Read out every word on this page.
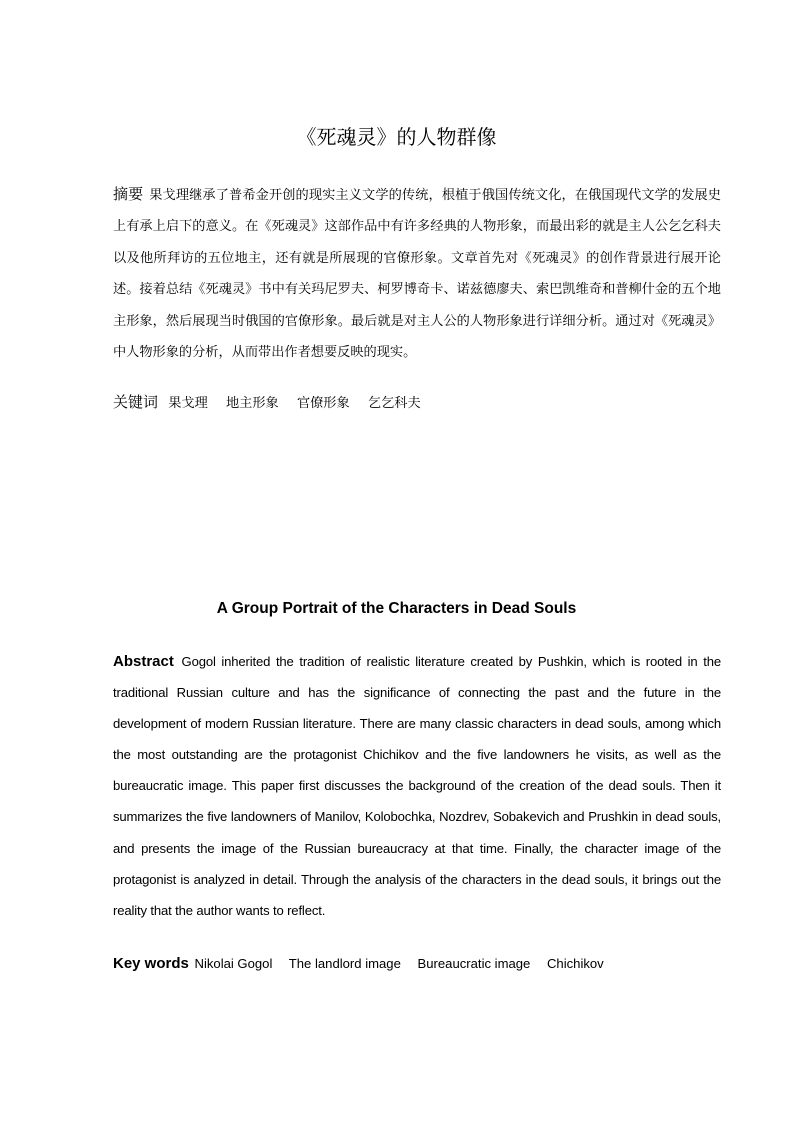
《死魂灵》的人物群像
摘要 果戈理继承了普希金开创的现实主义文学的传统，根植于俄国传统文化，在俄国现代文学的发展史上有承上启下的意义。在《死魂灵》这部作品中有许多经典的人物形象，而最出彩的就是主人公乞乞科夫以及他所拜访的五位地主，还有就是所展现的官僚形象。文章首先对《死魂灵》的创作背景进行展开论述。接着总结《死魂灵》书中有关玛尼罗夫、柯罗博奇卡、诺兹德廖夫、索巴凯维奇和普柳什金的五个地主形象，然后展现当时俄国的官僚形象。最后就是对主人公的人物形象进行详细分析。通过对《死魂灵》中人物形象的分析，从而带出作者想要反映的现实。
关键词 果戈理 地主形象 官僚形象 乞乞科夫
A Group Portrait of the Characters in Dead Souls
Abstract Gogol inherited the tradition of realistic literature created by Pushkin, which is rooted in the traditional Russian culture and has the significance of connecting the past and the future in the development of modern Russian literature. There are many classic characters in dead souls, among which the most outstanding are the protagonist Chichikov and the five landowners he visits, as well as the bureaucratic image. This paper first discusses the background of the creation of the dead souls. Then it summarizes the five landowners of Manilov, Kolobochka, Nozdrev, Sobakevich and Prushkin in dead souls, and presents the image of the Russian bureaucracy at that time. Finally, the character image of the protagonist is analyzed in detail. Through the analysis of the characters in the dead souls, it brings out the reality that the author wants to reflect.
Key words Nikolai Gogol The landlord image Bureaucratic image Chichikov
